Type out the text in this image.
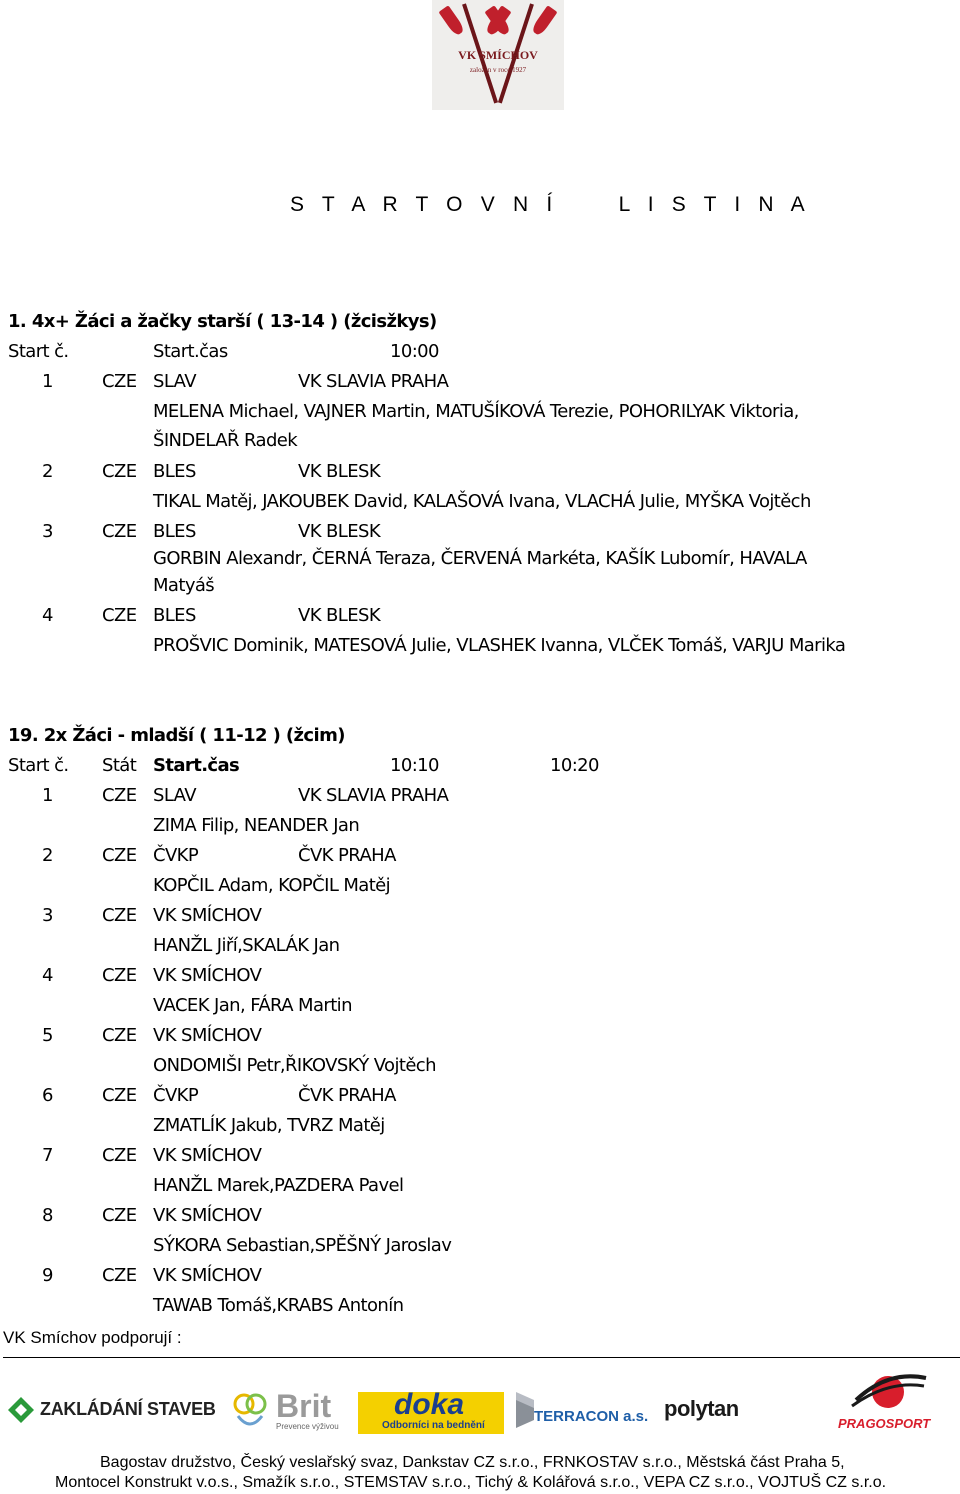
VK SMÍCHOV
založen v roce 1927
S T A R T O V N Í     L I S T I N A
1. 4x+ Žáci a žačky starší ( 13-14 ) (žcisžkys)
Start č.	Start.čas	10:00
1	CZE SLAV	VK SLAVIA PRAHA
MELENA Michael, VAJNER Martin, MATUŠÍKOVÁ Terezie, POHORILYAK Viktoria,
ŠINDELAŘ Radek
2	CZE BLES	VK BLESK
TIKAL Matěj, JAKOUBEK David, KALAŠOVÁ Ivana, VLACHÁ Julie, MYŠKA Vojtěch
3	CZE BLES	VK BLESK
GORBIN Alexandr, ČERNÁ Teraza, ČERVENÁ Markéta, KAŠÍK Lubomír, HAVALA
Matyáš
4	CZE BLES	VK BLESK
PROŠVIC Dominik, MATESOVÁ Julie, VLASHEK Ivanna, VLČEK Tomáš, VARJU Marika
19. 2x Žáci - mladší ( 11-12 ) (žcim)
Start č. Stát Start.čas	10:10	10:20
1	CZE SLAV	VK SLAVIA PRAHA
ZIMA Filip, NEANDER Jan
2	CZE ČVKP	ČVK PRAHA
KOPČIL Adam, KOPČIL Matěj
3	CZE VK SMÍCHOV
HANŽL Jiří,SKALÁK Jan
4	CZE VK SMÍCHOV
VACEK Jan, FÁRA Martin
5	CZE VK SMÍCHOV
ONDOMIŠI Petr,ŘIKOVSKÝ Vojtěch
6	CZE ČVKP	ČVK PRAHA
ZMATLÍK Jakub, TVRZ Matěj
7	CZE VK SMÍCHOV
HANŽL Marek,PAZDERA Pavel
8	CZE VK SMÍCHOV
SÝKORA Sebastian,SPĚŠNÝ Jaroslav
9	CZE VK SMÍCHOV
TAWAB Tomáš,KRABS Antonín
VK Smíchov podporují :
ZAKLÁDÁNÍ STAVEB Brit
Prevence výživou
doka
Odborníci na bednění
TERRACON a.s. polytan
PRAGOSPORT
Bagostav družstvo, Český veslařský svaz, Dankstav CZ s.r.o., FRNKOSTAV s.r.o., Městská část Praha 5,
Montocel Konstrukt v.o.s., Smažík s.r.o., STEMSTAV s.r.o., Tichý & Kolářová s.r.o., VEPA CZ s.r.o., VOJTUŠ CZ s.r.o.
